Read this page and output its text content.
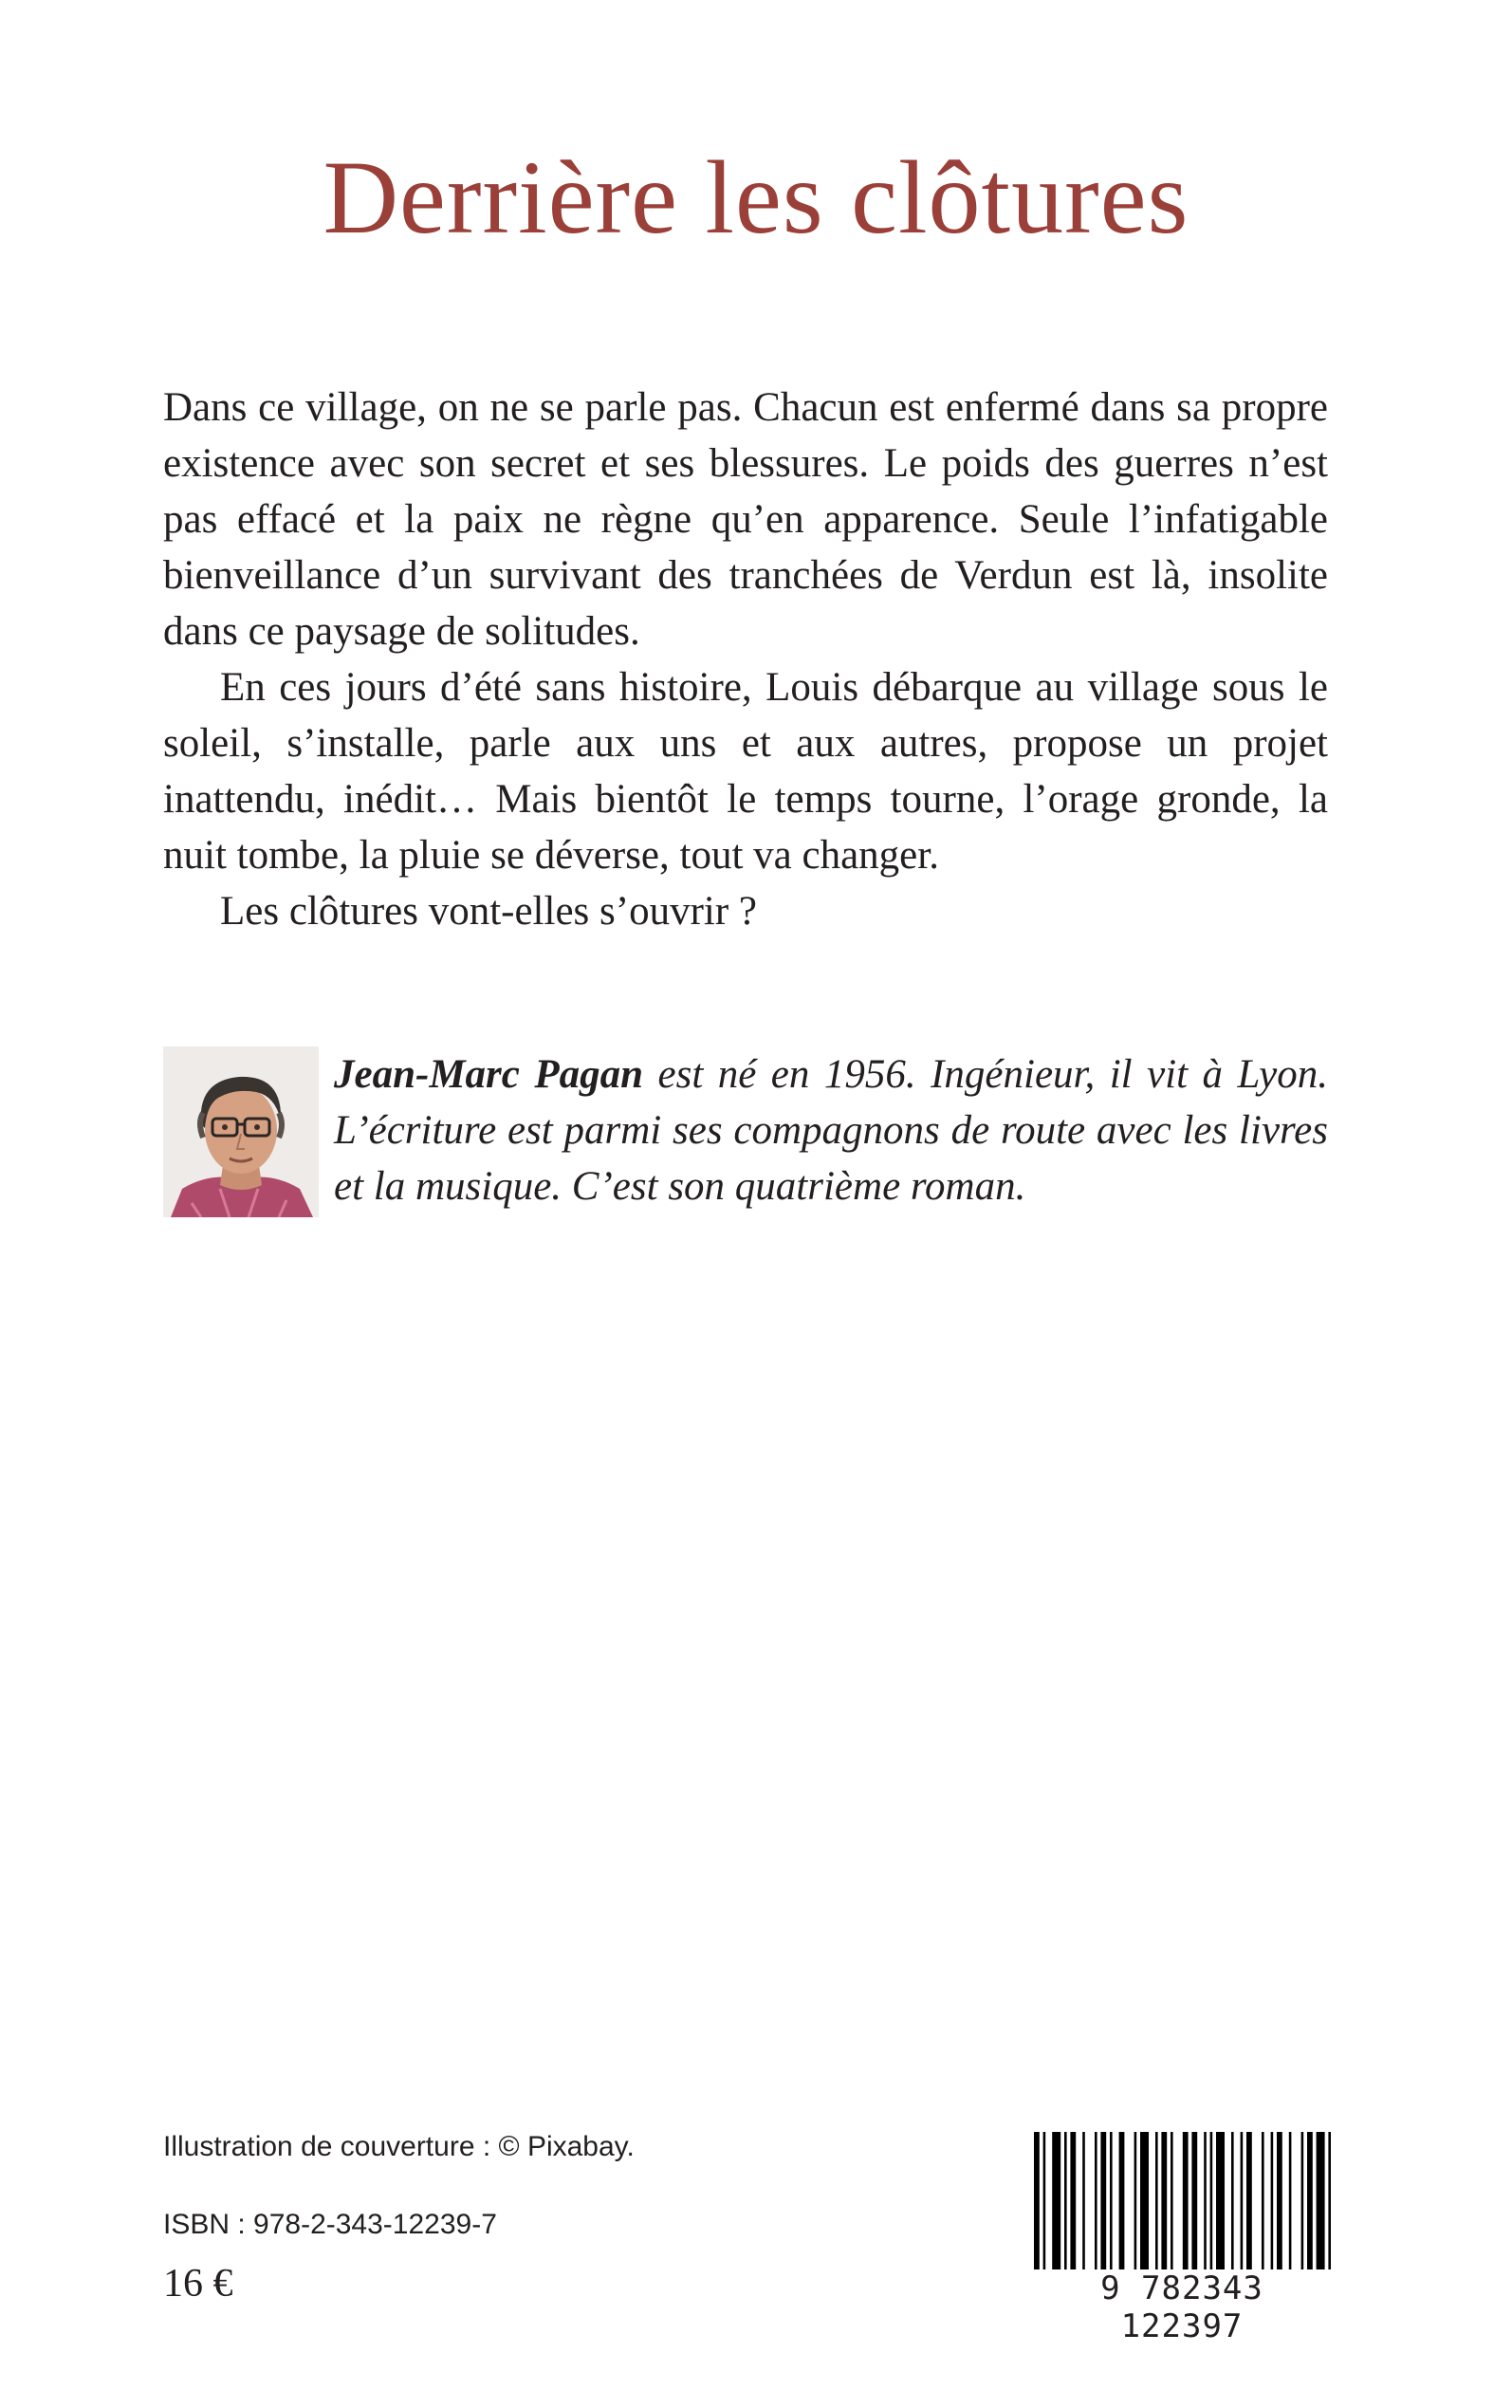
Derrière les clôtures

Dans ce village, on ne se parle pas. Chacun est enfermé dans sa propre existence avec son secret et ses blessures. Le poids des guerres n’est pas effacé et la paix ne règne qu’en apparence. Seule l’infatigable bienveillance d’un survivant des tranchées de Verdun est là, insolite dans ce paysage de solitudes.

En ces jours d’été sans histoire, Louis débarque au village sous le soleil, s’installe, parle aux uns et aux autres, propose un projet inattendu, inédit… Mais bientôt le temps tourne, l’orage gronde, la nuit tombe, la pluie se déverse, tout va changer.

Les clôtures vont-elles s’ouvrir ?

Jean-Marc Pagan est né en 1956. Ingénieur, il vit à Lyon. L’écriture est parmi ses compagnons de route avec les livres et la musique. C’est son quatrième roman.
Illustration de couverture : © Pixabay.
ISBN : 978-2-343-12239-7
16 €	9 782343 122397
